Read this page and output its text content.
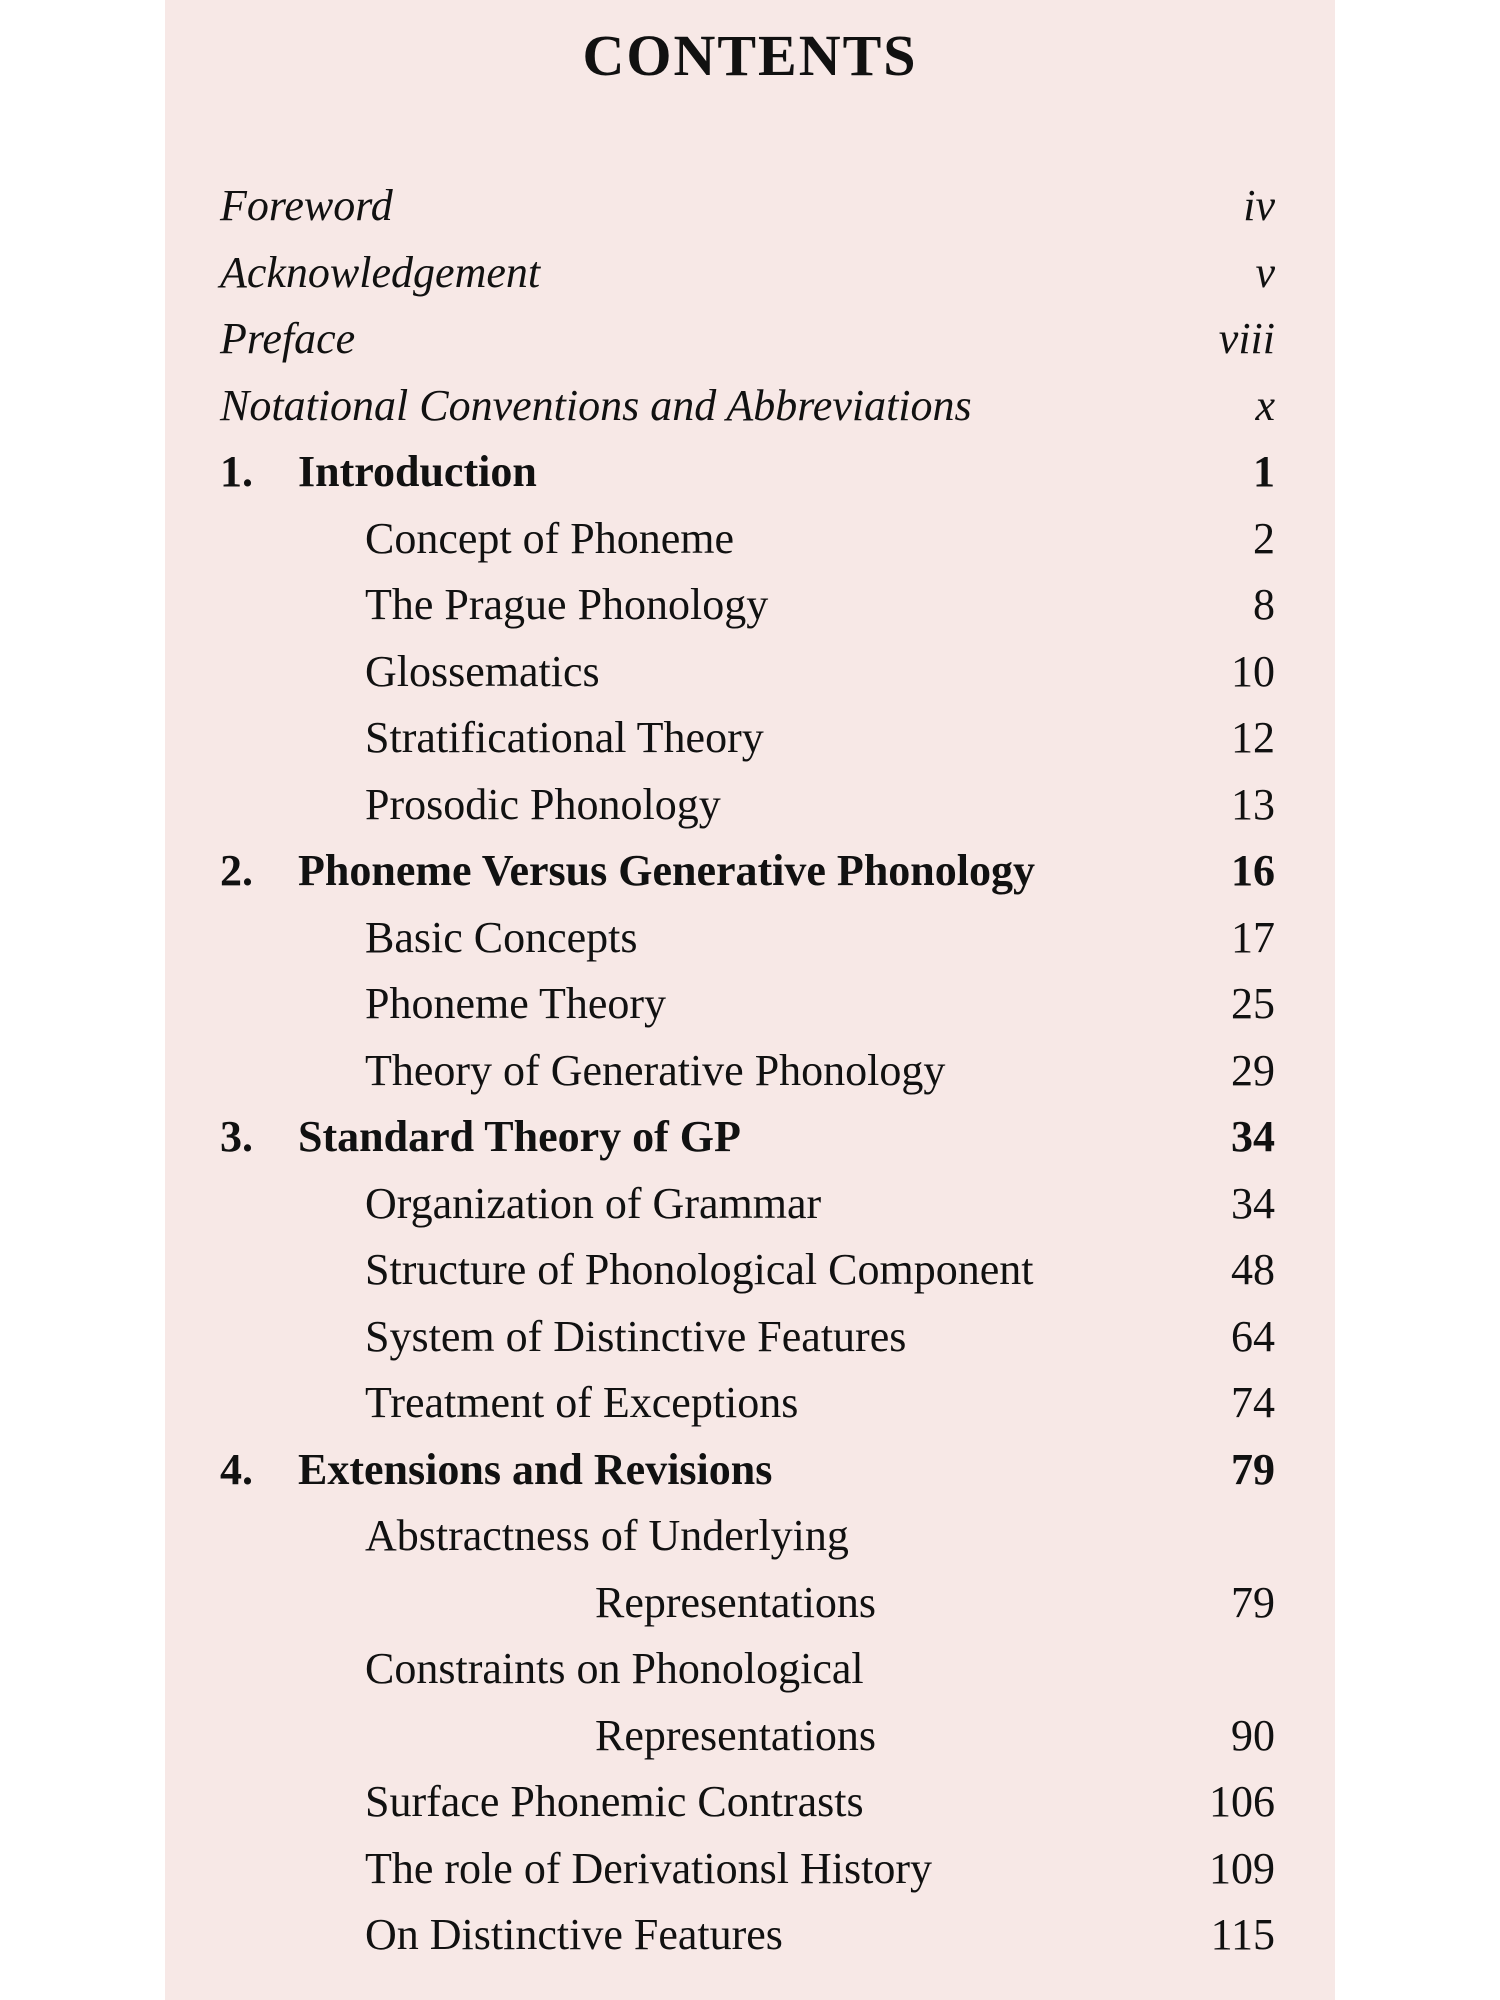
CONTENTS
Foreword	iv
Acknowledgement	v
Preface	viii
Notational Conventions and Abbreviations	x
1. Introduction	1
Concept of Phoneme	2
The Prague Phonology	8
Glossematics	10
Stratificational Theory	12
Prosodic Phonology	13
2. Phoneme Versus Generative Phonology	16
Basic Concepts	17
Phoneme Theory	25
Theory of Generative Phonology	29
3. Standard Theory of GP	34
Organization of Grammar	34
Structure of Phonological Component	48
System of Distinctive Features	64
Treatment of Exceptions	74
4. Extensions and Revisions	79
Abstractness of Underlying
Representations	79
Constraints on Phonological
Representations	90
Surface Phonemic Contrasts	106
The role of Derivationsl History	109
On Distinctive Features	115
